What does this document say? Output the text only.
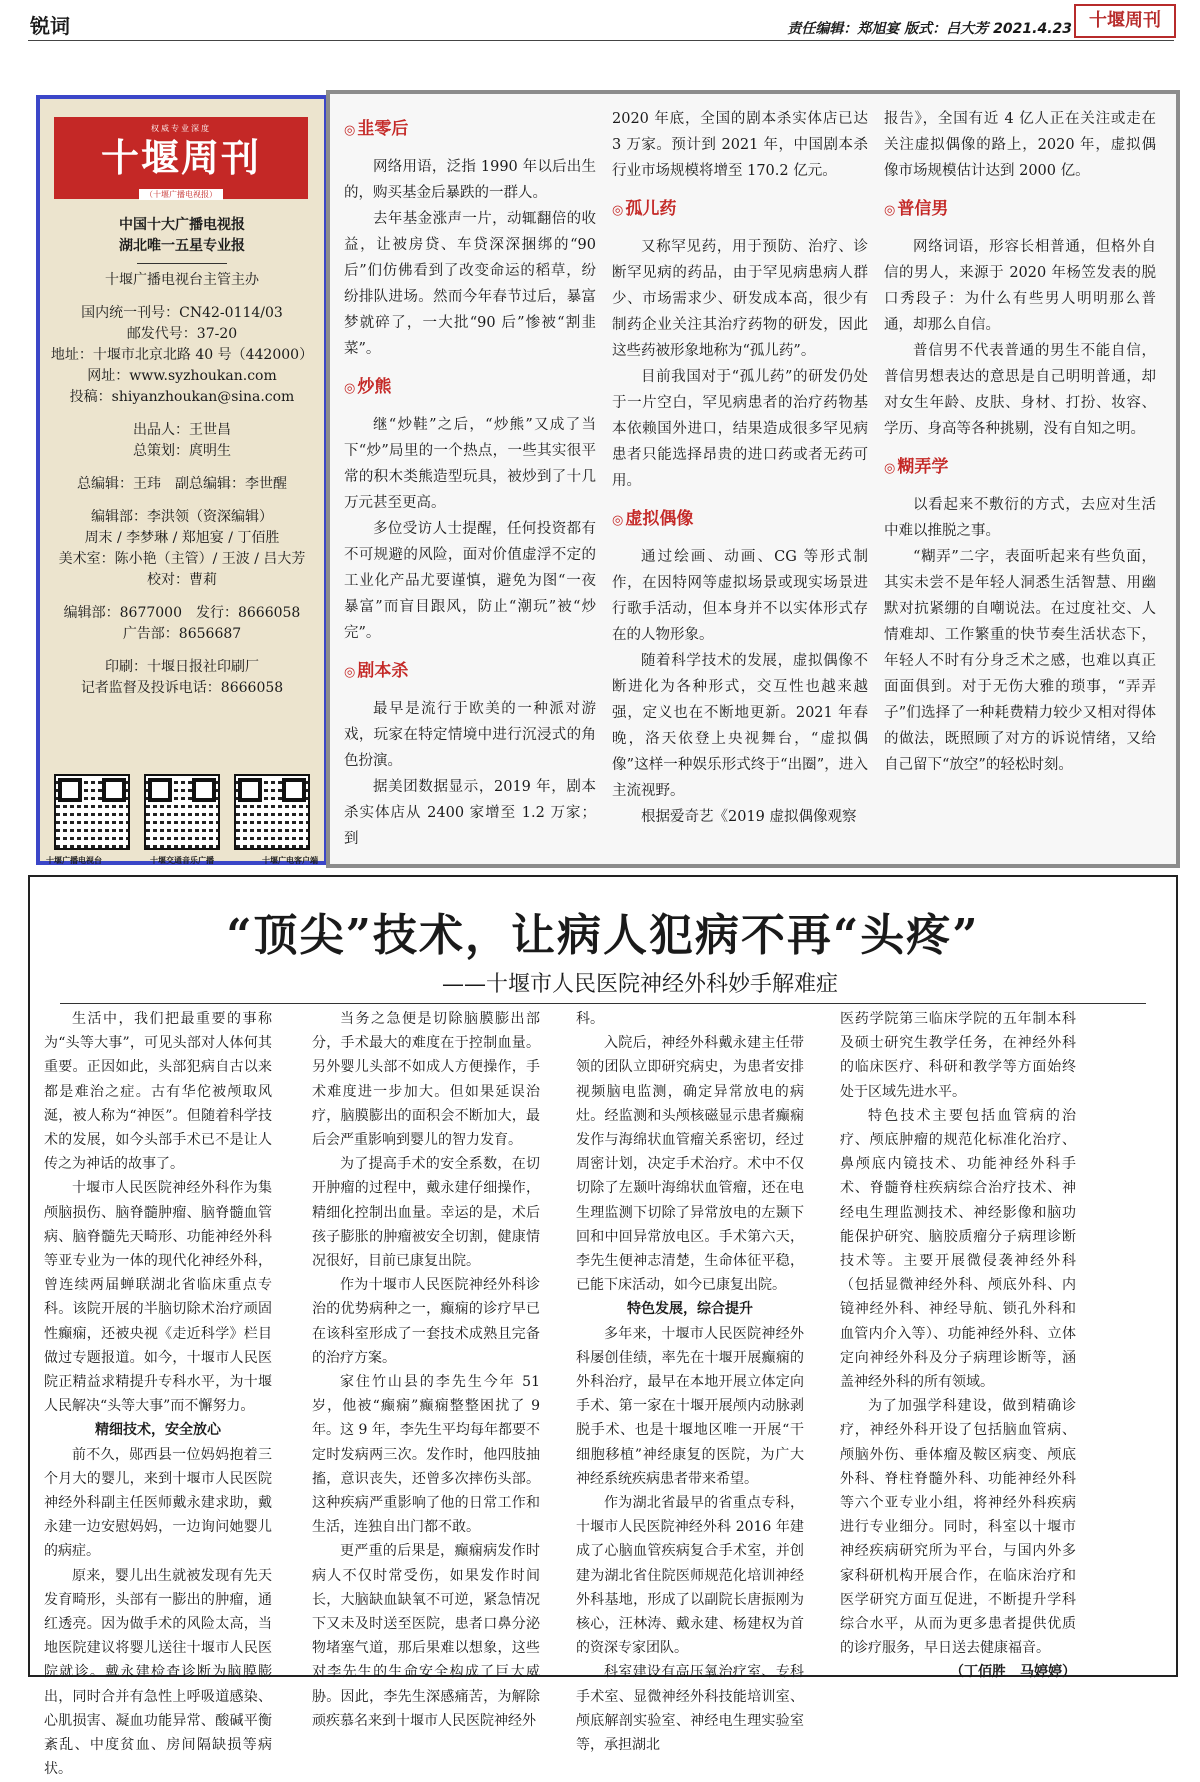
锐词	责任编辑：郑旭宴 版式：吕大芳 2021.4.23 十堰周刊
权威专业深度
十堰周刊
（十堰广播电视报）
中国十大广播电视报
湖北唯一五星专业报
十堰广播电视台主管主办
国内统一刊号：CN42-0114/03
邮发代号：37-20
地址：十堰市北京北路 40 号（442000）
网址：www.syzhoukan.com
投稿：shiyanzhoukan@sina.com
出品人：王世昌
总策划：庹明生
总编辑：王玮　副总编辑：李世醒
编辑部：李洪领（资深编辑）
周末 / 李梦琳 / 郑旭宴 / 丁佰胜
美术室：陈小艳（主管）/ 王波 / 吕大芳
校对：曹莉
编辑部：8677000　发行：8666058
广告部：8656687
印刷：十堰日报社印刷厂
记者监督及投诉电话：8666058
十堰广播电视台	十堰交通音乐广播	十堰广电客户端
◎ 韭零后

网络用语，泛指 1990 年以后出生的，购买基金后暴跌的一群人。

去年基金涨声一片，动辄翻倍的收益，让被房贷、车贷深深捆绑的“90后”们仿佛看到了改变命运的稻草，纷纷排队进场。然而今年春节过后，暴富梦就碎了，一大批“90 后”惨被“割韭菜”。

◎ 炒熊

继“炒鞋”之后，“炒熊”又成了当下“炒”局里的一个热点，一些其实很平常的积木类熊造型玩具，被炒到了十几万元甚至更高。

多位受访人士提醒，任何投资都有不可规避的风险，面对价值虚浮不定的工业化产品尤要谨慎，避免为图“一夜暴富”而盲目跟风，防止“潮玩”被“炒完”。

◎ 剧本杀

最早是流行于欧美的一种派对游戏，玩家在特定情境中进行沉浸式的角色扮演。

据美团数据显示，2019 年，剧本杀实体店从 2400 家增至 1.2 万家；到

2020 年底，全国的剧本杀实体店已达 3 万家。预计到 2021 年，中国剧本杀行业市场规模将增至 170.2 亿元。

◎ 孤儿药

又称罕见药，用于预防、治疗、诊断罕见病的药品，由于罕见病患病人群少、市场需求少、研发成本高，很少有制药企业关注其治疗药物的研发，因此这些药被形象地称为“孤儿药”。

目前我国对于“孤儿药”的研发仍处于一片空白，罕见病患者的治疗药物基本依赖国外进口，结果造成很多罕见病患者只能选择昂贵的进口药或者无药可用。

◎ 虚拟偶像

通过绘画、动画、CG 等形式制作，在因特网等虚拟场景或现实场景进行歌手活动，但本身并不以实体形式存在的人物形象。

随着科学技术的发展，虚拟偶像不断进化为各种形式，交互性也越来越强，定义也在不断地更新。2021 年春晚，洛天依登上央视舞台，“虚拟偶像”这样一种娱乐形式终于“出圈”，进入主流视野。

根据爱奇艺《2019 虚拟偶像观察

报告》，全国有近 4 亿人正在关注或走在关注虚拟偶像的路上，2020 年，虚拟偶像市场规模估计达到 2000 亿。

◎ 普信男

网络词语，形容长相普通，但格外自信的男人，来源于 2020 年杨笠发表的脱口秀段子：为什么有些男人明明那么普通，却那么自信。

普信男不代表普通的男生不能自信，普信男想表达的意思是自己明明普通，却对女生年龄、皮肤、身材、打扮、妆容、学历、身高等各种挑剔，没有自知之明。

◎ 糊弄学

以看起来不敷衍的方式，去应对生活中难以推脱之事。

“糊弄”二字，表面听起来有些负面，其实未尝不是年轻人洞悉生活智慧、用幽默对抗紧绷的自嘲说法。在过度社交、人情难却、工作繁重的快节奏生活状态下，年轻人不时有分身乏术之感，也难以真正面面俱到。对于无伤大雅的琐事，“弄弄子”们选择了一种耗费精力较少又相对得体的做法，既照顾了对方的诉说情绪，又给自己留下“放空”的轻松时刻。

“顶尖”技术，让病人犯病不再“头疼”
——十堰市人民医院神经外科妙手解难症

生活中，我们把最重要的事称为“头等大事”，可见头部对人体何其重要。正因如此，头部犯病自古以来都是难治之症。古有华佗被颅取风涎，被人称为“神医”。但随着科学技术的发展，如今头部手术已不是让人传之为神话的故事了。

十堰市人民医院神经外科作为集颅脑损伤、脑脊髓肿瘤、脑脊髓血管病、脑脊髓先天畸形、功能神经外科等亚专业为一体的现代化神经外科，曾连续两届蝉联湖北省临床重点专科。该院开展的半脑切除术治疗顽固性癫痫，还被央视《走近科学》栏目做过专题报道。如今，十堰市人民医院正精益求精提升专科水平，为十堰人民解决“头等大事”而不懈努力。

精细技术，安全放心

前不久，郧西县一位妈妈抱着三个月大的婴儿，来到十堰市人民医院神经外科副主任医师戴永建求助，戴永建一边安慰妈妈，一边询问她婴儿的病症。

原来，婴儿出生就被发现有先天发育畸形，头部有一膨出的肿瘤，通红透亮。因为做手术的风险太高，当地医院建议将婴儿送往十堰市人民医院就诊。戴永建检查诊断为脑膜膨出，同时合并有急性上呼吸道感染、心肌损害、凝血功能异常、酸碱平衡紊乱、中度贫血、房间隔缺损等病状。

当务之急便是切除脑膜膨出部分，手术最大的难度在于控制血量。另外婴儿头部不如成人方便操作，手术难度进一步加大。但如果延误治疗，脑膜膨出的面积会不断加大，最后会严重影响到婴儿的智力发育。

为了提高手术的安全系数，在切开肿瘤的过程中，戴永建仔细操作，精细化控制出血量。幸运的是，术后孩子膨胀的肿瘤被安全切割，健康情况很好，目前已康复出院。

作为十堰市人民医院神经外科诊治的优势病种之一，癫痫的诊疗早已在该科室形成了一套技术成熟且完备的治疗方案。

家住竹山县的李先生今年 51 岁，他被“癫痫”癫痫整整困扰了 9 年。这 9 年，李先生平均每年都要不定时发病两三次。发作时，他四肢抽搐，意识丧失，还曾多次摔伤头部。这种疾病严重影响了他的日常工作和生活，连独自出门都不敢。

更严重的后果是，癫痫病发作时病人不仅时常受伤，如果发作时间长，大脑缺血缺氧不可逆，紧急情况下又未及时送至医院，患者口鼻分泌物堵塞气道，那后果难以想象，这些对李先生的生命安全构成了巨大威胁。因此，李先生深感痛苦，为解除顽疾慕名来到十堰市人民医院神经外

科。

入院后，神经外科戴永建主任带领的团队立即研究病史，为患者安排视频脑电监测，确定异常放电的病灶。经监测和头颅核磁显示患者癫痫发作与海绵状血管瘤关系密切，经过周密计划，决定手术治疗。术中不仅切除了左颞叶海绵状血管瘤，还在电生理监测下切除了异常放电的左颞下回和中回异常放电区。手术第六天，李先生便神志清楚，生命体征平稳，已能下床活动，如今已康复出院。

特色发展，综合提升

多年来，十堰市人民医院神经外科屡创佳绩，率先在十堰开展癫痫的外科治疗，最早在本地开展立体定向手术、第一家在十堰开展颅内动脉剥脱手术、也是十堰地区唯一开展“干细胞移植”神经康复的医院，为广大神经系统疾病患者带来希望。

作为湖北省最早的省重点专科，十堰市人民医院神经外科 2016 年建成了心脑血管疾病复合手术室，并创建为湖北省住院医师规范化培训神经外科基地，形成了以副院长唐振刚为核心，汪林涛、戴永建、杨建权为首的资深专家团队。

科室建设有高压氧治疗室、专科手术室、显微神经外科技能培训室、颅底解剖实验室、神经电生理实验室等，承担湖北

医药学院第三临床学院的五年制本科及硕士研究生教学任务，在神经外科的临床医疗、科研和教学等方面始终处于区域先进水平。

特色技术主要包括血管病的治疗、颅底肿瘤的规范化标准化治疗、鼻颅底内镜技术、功能神经外科手术、脊髓脊柱疾病综合治疗技术、神经电生理监测技术、神经影像和脑功能保护研究、脑胶质瘤分子病理诊断技术等。主要开展微侵袭神经外科（包括显微神经外科、颅底外科、内镜神经外科、神经导航、锁孔外科和血管内介入等）、功能神经外科、立体定向神经外科及分子病理诊断等，涵盖神经外科的所有领域。

为了加强学科建设，做到精确诊疗，神经外科开设了包括脑血管病、颅脑外伤、垂体瘤及鞍区病变、颅底外科、脊柱脊髓外科、功能神经外科等六个亚专业小组，将神经外科疾病进行专业细分。同时，科室以十堰市神经疾病研究所为平台，与国内外多家科研机构开展合作，在临床治疗和医学研究方面互促进，不断提升学科综合水平，从而为更多患者提供优质的诊疗服务，早日送去健康福音。

（丁佰胜　马婷婷）
